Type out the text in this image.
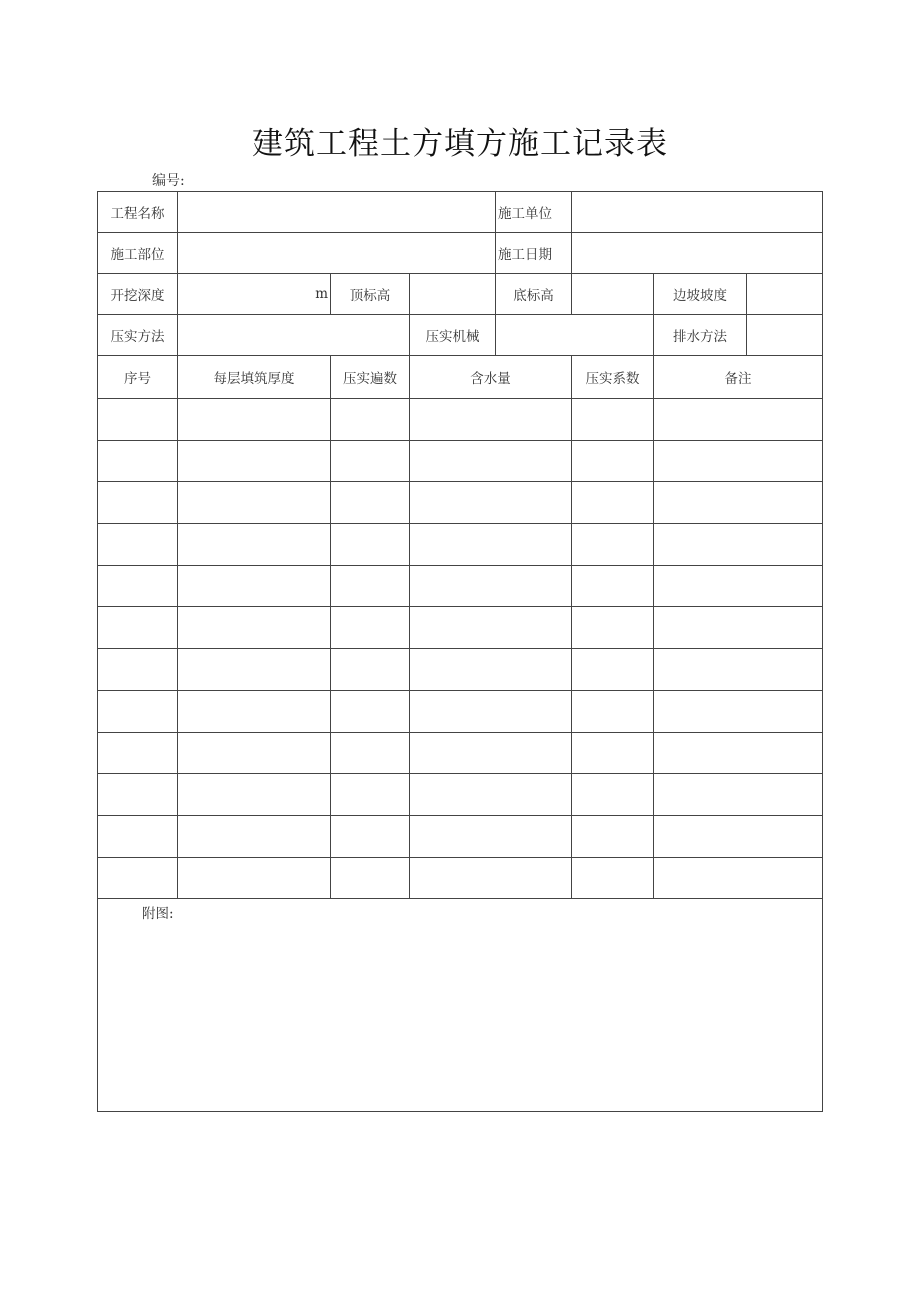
建筑工程土方填方施工记录表
编号:
工程名称				施工单位			
施工部位				施工日期			
开挖深度	m	顶标高		底标高		边坡坡度	
压实方法			压实机械			排水方法	
序号	每层填筑厚度	压实遍数	含水量		压实系数	备注	

附图:							
